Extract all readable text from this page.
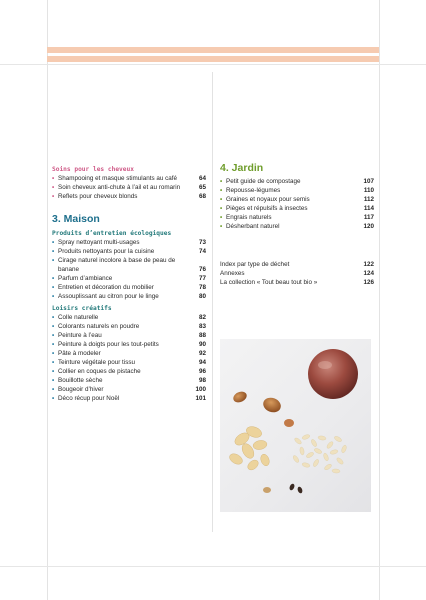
Soins pour les cheveux

• Shampooing et masque stimulants au café	64
• Soin cheveux anti-chute à l’ail et au romarin	65
• Reflets pour cheveux blonds	68

3. Maison

Produits d’entretien écologiques

• Spray nettoyant multi-usages	73
• Produits nettoyants pour la cuisine	74
• Cirage naturel incolore à base de peau de banane	76
• Parfum d’ambiance	77
• Entretien et décoration du mobilier	78
• Assouplissant au citron pour le linge	80

Loisirs créatifs

• Colle naturelle	82
• Colorants naturels en poudre	83
• Peinture à l’eau	88
• Peinture à doigts pour les tout-petits	90
• Pâte à modeler	92
• Teinture végétale pour tissu	94
• Collier en coques de pistache	96
• Bouillotte sèche	98
• Bougeoir d’hiver	100
• Déco récup pour Noël	101

4. Jardin

• Petit guide de compostage	107
• Repousse-légumes	110
• Graines et noyaux pour semis	112
• Pièges et répulsifs à insectes	114
• Engrais naturels	117
• Désherbant naturel	120
Index par type de déchet	122
Annexes	124
La collection « Tout beau tout bio »	126
